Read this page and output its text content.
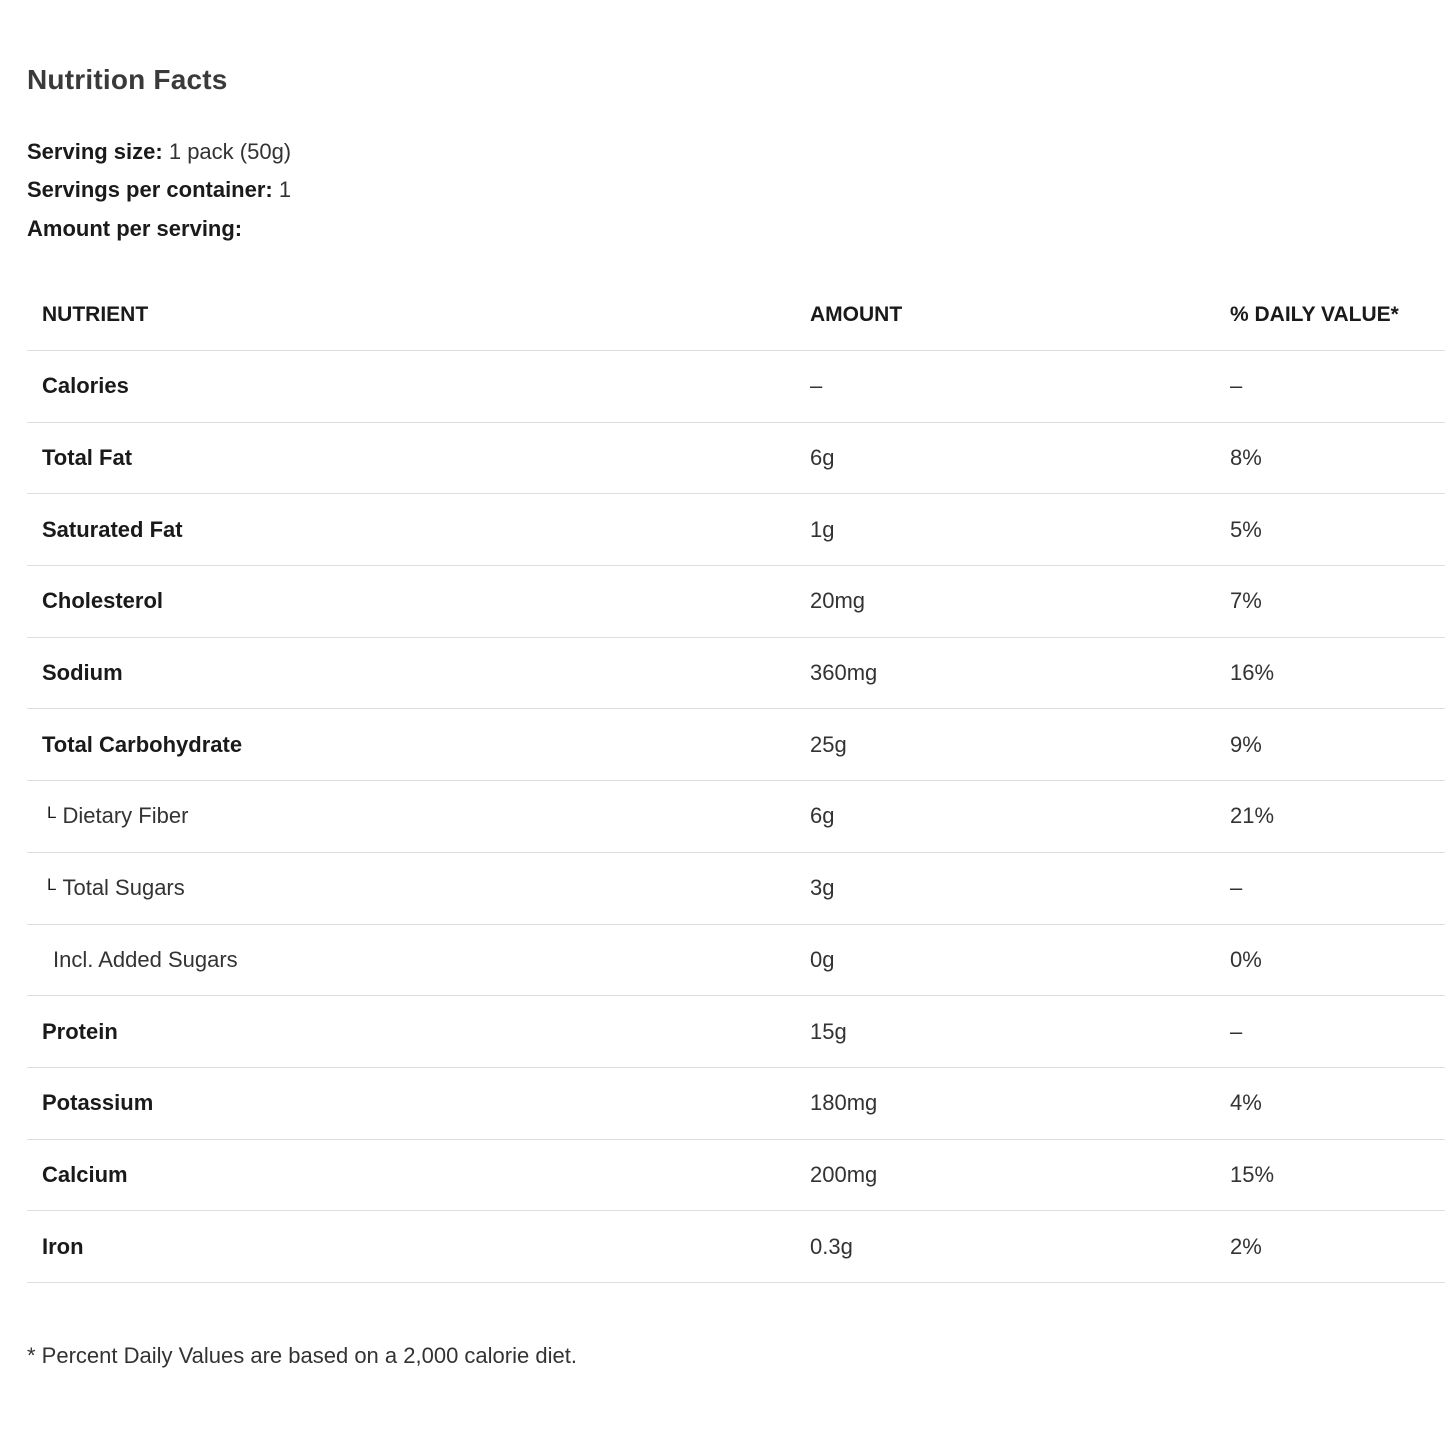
Nutrition Facts
Serving size: 1 pack (50g)
Servings per container: 1
Amount per serving:
NUTRIENT	AMOUNT	% DAILY VALUE*
Calories	–	–
Total Fat	6g	8%
Saturated Fat	1g	5%
Cholesterol	20mg	7%
Sodium	360mg	16%
Total Carbohydrate	25g	9%
L Dietary Fiber	6g	21%
L Total Sugars	3g	–
Incl. Added Sugars	0g	0%
Protein	15g	–
Potassium	180mg	4%
Calcium	200mg	15%
Iron	0.3g	2%
* Percent Daily Values are based on a 2,000 calorie diet.
